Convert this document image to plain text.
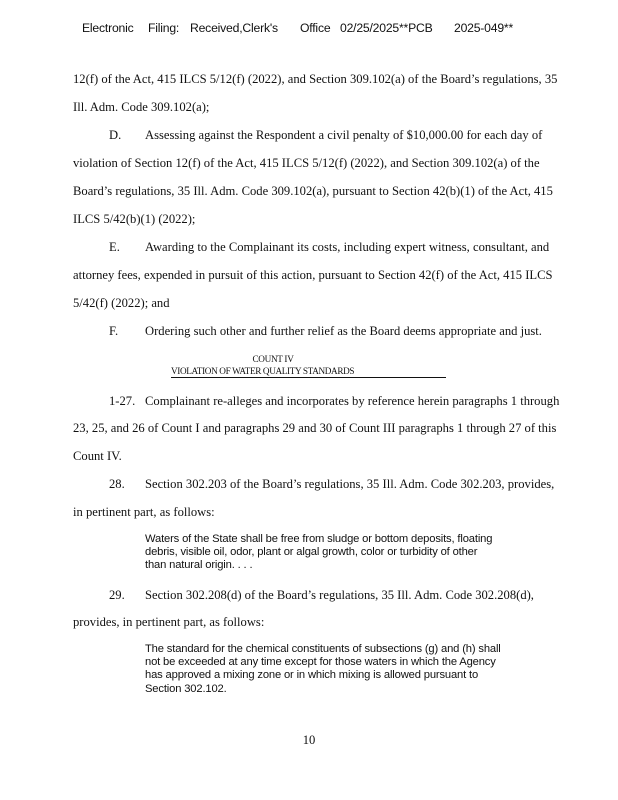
Electronic Filing: Received,Clerk's Office 02/25/2025**PCB 2025-049**
12(f) of the Act, 415 ILCS 5/12(f) (2022), and Section 309.102(a) of the Board’s regulations, 35
Ill. Adm. Code 309.102(a);
D. Assessing against the Respondent a civil penalty of $10,000.00 for each day of
violation of Section 12(f) of the Act, 415 ILCS 5/12(f) (2022), and Section 309.102(a) of the
Board’s regulations, 35 Ill. Adm. Code 309.102(a), pursuant to Section 42(b)(1) of the Act, 415
ILCS 5/42(b)(1) (2022);
E. Awarding to the Complainant its costs, including expert witness, consultant, and
attorney fees, expended in pursuit of this action, pursuant to Section 42(f) of the Act, 415 ILCS
5/42(f) (2022); and
F. Ordering such other and further relief as the Board deems appropriate and just.
1-27. Complainant re-alleges and incorporates by reference herein paragraphs 1 through
23, 25, and 26 of Count I and paragraphs 29 and 30 of Count III paragraphs 1 through 27 of this
Count IV.
28. Section 302.203 of the Board’s regulations, 35 Ill. Adm. Code 302.203, provides,
in pertinent part, as follows:
29. Section 302.208(d) of the Board’s regulations, 35 Ill. Adm. Code 302.208(d),
provides, in pertinent part, as follows:
COUNT IV
VIOLATION OF WATER QUALITY STANDARDS
Waters of the State shall be free from sludge or bottom deposits, floating
debris, visible oil, odor, plant or algal growth, color or turbidity of other
than natural origin. . . .
The standard for the chemical constituents of subsections (g) and (h) shall
not be exceeded at any time except for those waters in which the Agency
has approved a mixing zone or in which mixing is allowed pursuant to
Section 302.102.
10
